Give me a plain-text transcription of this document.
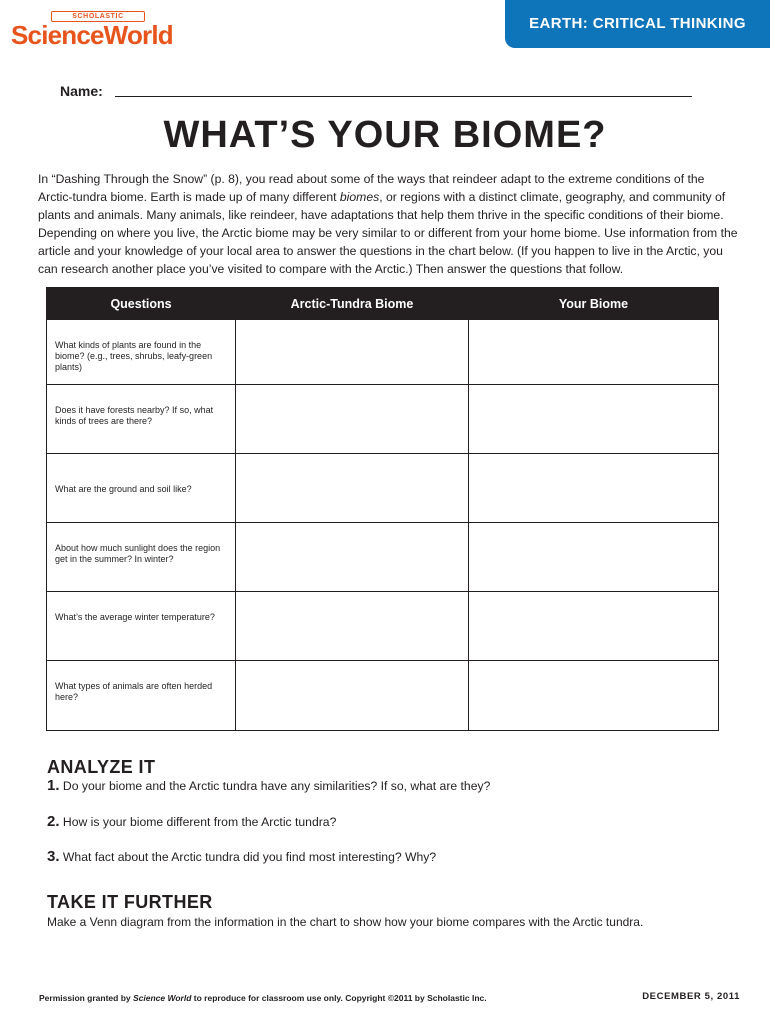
SCHOLASTIC
ScienceWorld	EARTH: CRITICAL THINKING
Name:
WHAT’S YOUR BIOME?

In “Dashing Through the Snow” (p. 8), you read about some of the ways that reindeer adapt to the extreme conditions of the Arctic-tundra biome. Earth is made up of many different biomes, or regions with a distinct climate, geography, and community of plants and animals. Many animals, like reindeer, have adaptations that help them thrive in the specific conditions of their biome. Depending on where you live, the Arctic biome may be very similar to or different from your home biome. Use information from the article and your knowledge of your local area to answer the questions in the chart below. (If you happen to live in the Arctic, you can research another place you’ve visited to compare with the Arctic.) Then answer the questions that follow.

Questions	Arctic-Tundra Biome	Your Biome
What kinds of plants are found in the biome? (e.g., trees, shrubs, leafy-green plants)		
Does it have forests nearby? If so, what kinds of trees are there?		
What are the ground and soil like?		
About how much sunlight does the region get in the summer? In winter?		
What’s the average winter temperature?		
What types of animals are often herded here?		
ANALYZE IT
1. Do your biome and the Arctic tundra have any similarities? If so, what are they?
2. How is your biome different from the Arctic tundra?
3. What fact about the Arctic tundra did you find most interesting? Why?
TAKE IT FURTHER
Make a Venn diagram from the information in the chart to show how your biome compares with the Arctic tundra.
Permission granted by Science World to reproduce for classroom use only. Copyright ©2011 by Scholastic Inc.	DECEMBER 5, 2011
